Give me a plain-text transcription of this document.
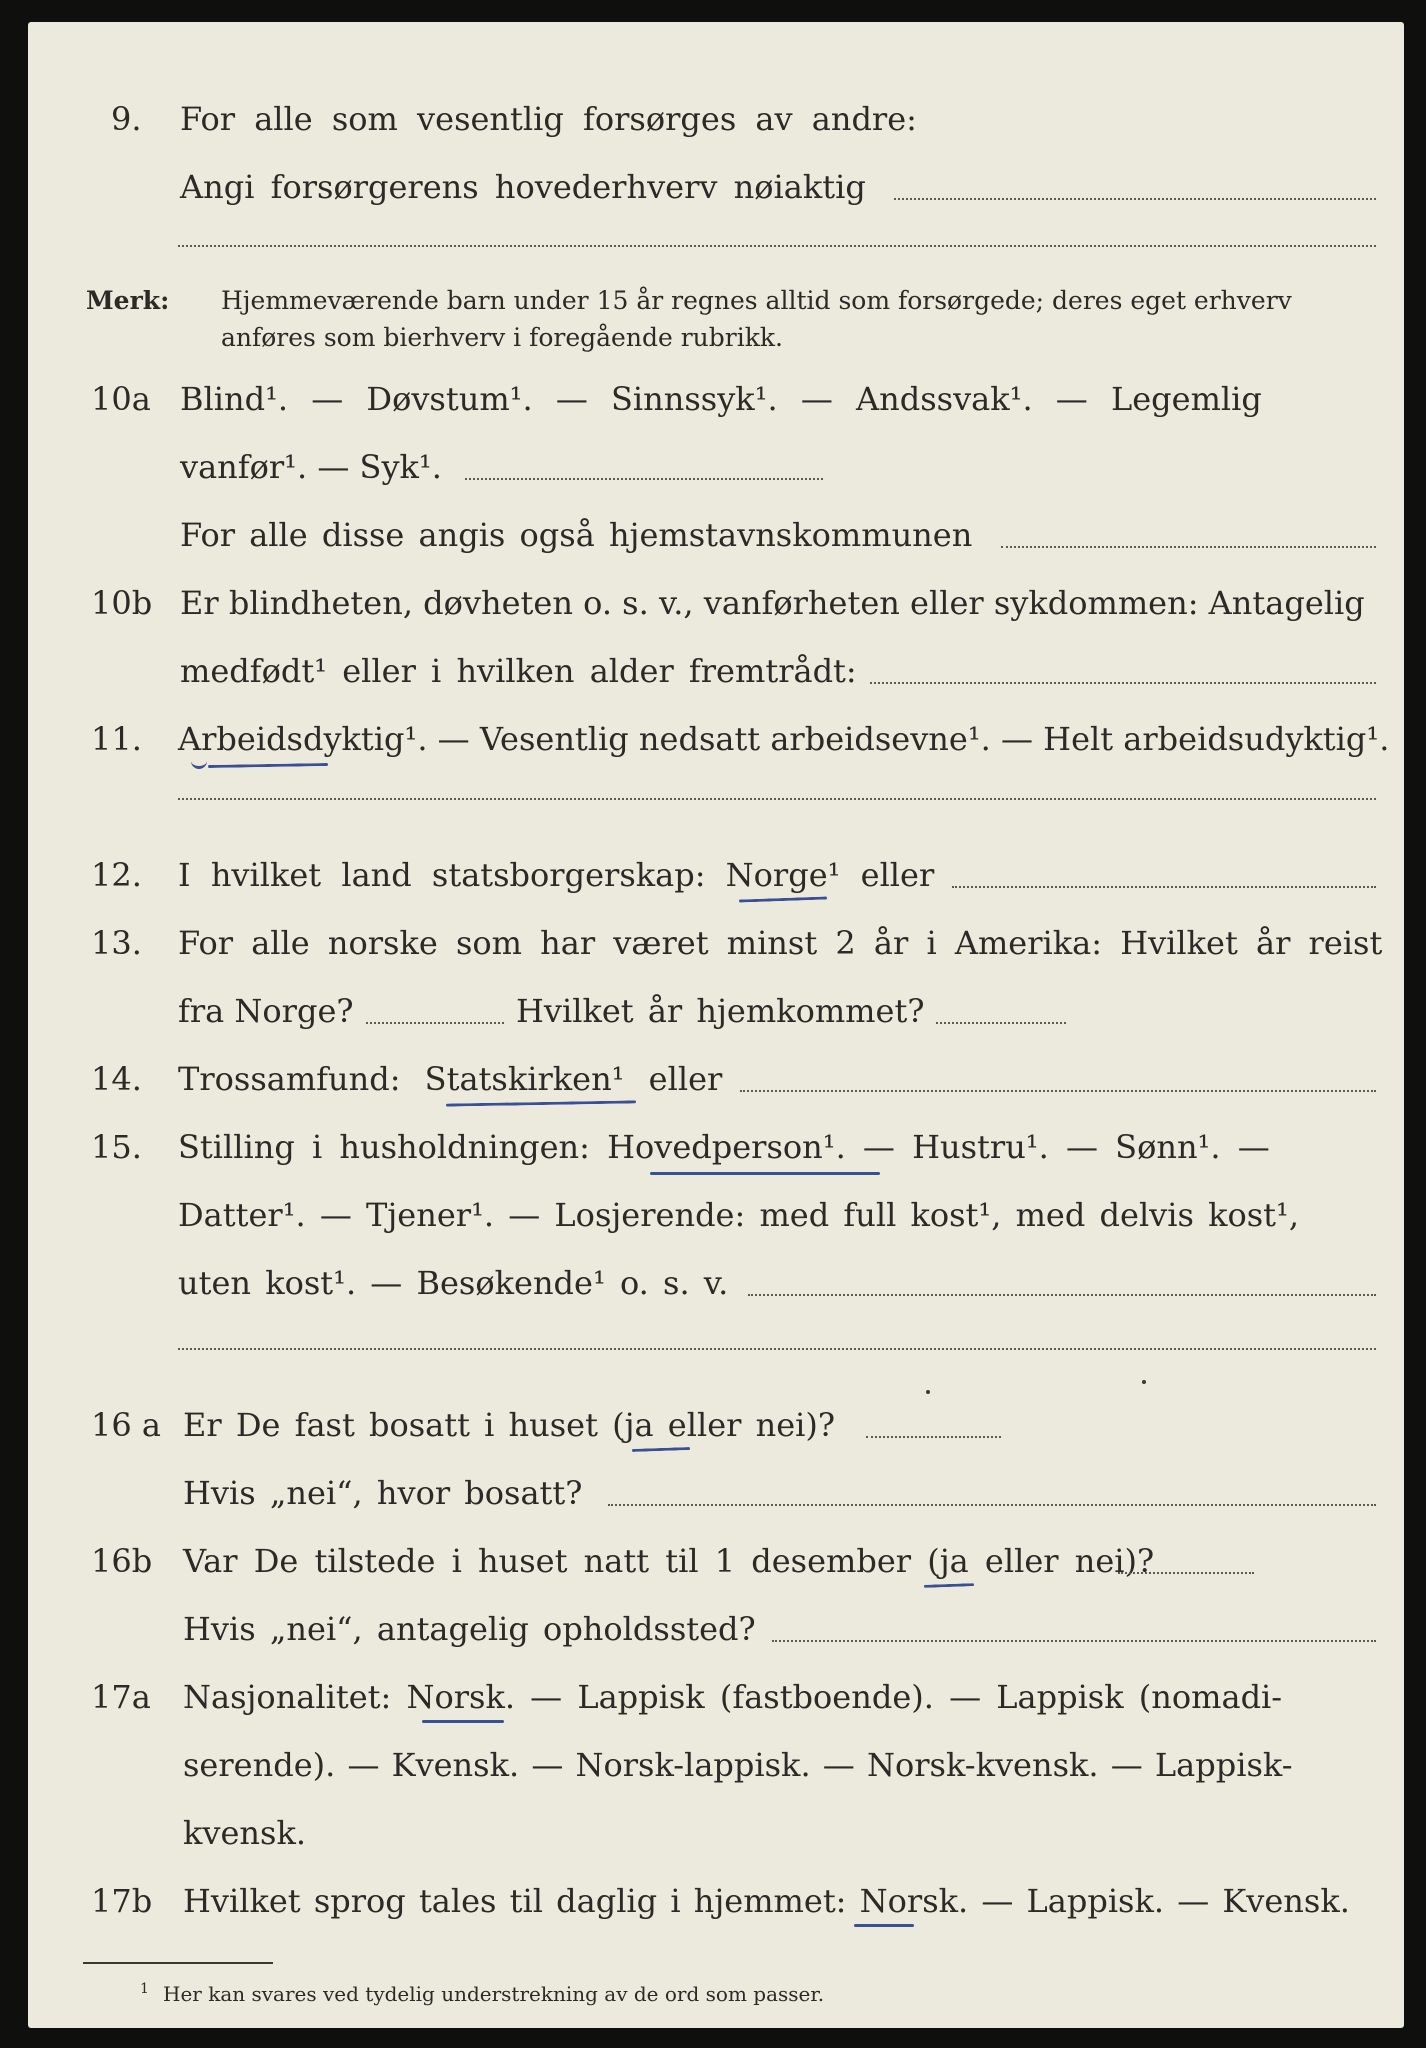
9. For alle som vesentlig forsørges av andre:
Angi forsørgerens hovederhverv nøiaktig
Merk: Hjemmeværende barn under 15 år regnes alltid som forsørgede; deres eget erhverv
anføres som bierhverv i foregående rubrikk.
10a Blind¹. — Døvstum¹. — Sinnssyk¹. — Andssvak¹. — Legemlig
vanfør¹. — Syk¹.
For alle disse angis også hjemstavnskommunen
10b Er blindheten, døvheten o. s. v., vanførheten eller sykdommen: Antagelig
medfødt¹ eller i hvilken alder fremtrådt:
11. Arbeidsdyktig¹. — Vesentlig nedsatt arbeidsevne¹. — Helt arbeidsudyktig¹.
12. I hvilket land statsborgerskap: Norge¹ eller
13. For alle norske som har været minst 2 år i Amerika: Hvilket år reist
fra Norge?	Hvilket år hjemkommet?
14. Trossamfund: Statskirken¹ eller
15. Stilling i husholdningen: Hovedperson¹. — Hustru¹. — Sønn¹. —
Datter¹. — Tjener¹. — Losjerende: med full kost¹, med delvis kost¹,
uten kost¹. — Besøkende¹ o. s. v.
16 a Er De fast bosatt i huset (ja eller nei)?
Hvis „nei“, hvor bosatt?
16b Var De tilstede i huset natt til 1 desember (ja eller nei)?
Hvis „nei“, antagelig opholdssted?
17a Nasjonalitet: Norsk. — Lappisk (fastboende). — Lappisk (nomadi-
serende). — Kvensk. — Norsk-lappisk. — Norsk-kvensk. — Lappisk-
kvensk.
17b Hvilket sprog tales til daglig i hjemmet: Norsk. — Lappisk. — Kvensk.
1 Her kan svares ved tydelig understrekning av de ord som passer.
